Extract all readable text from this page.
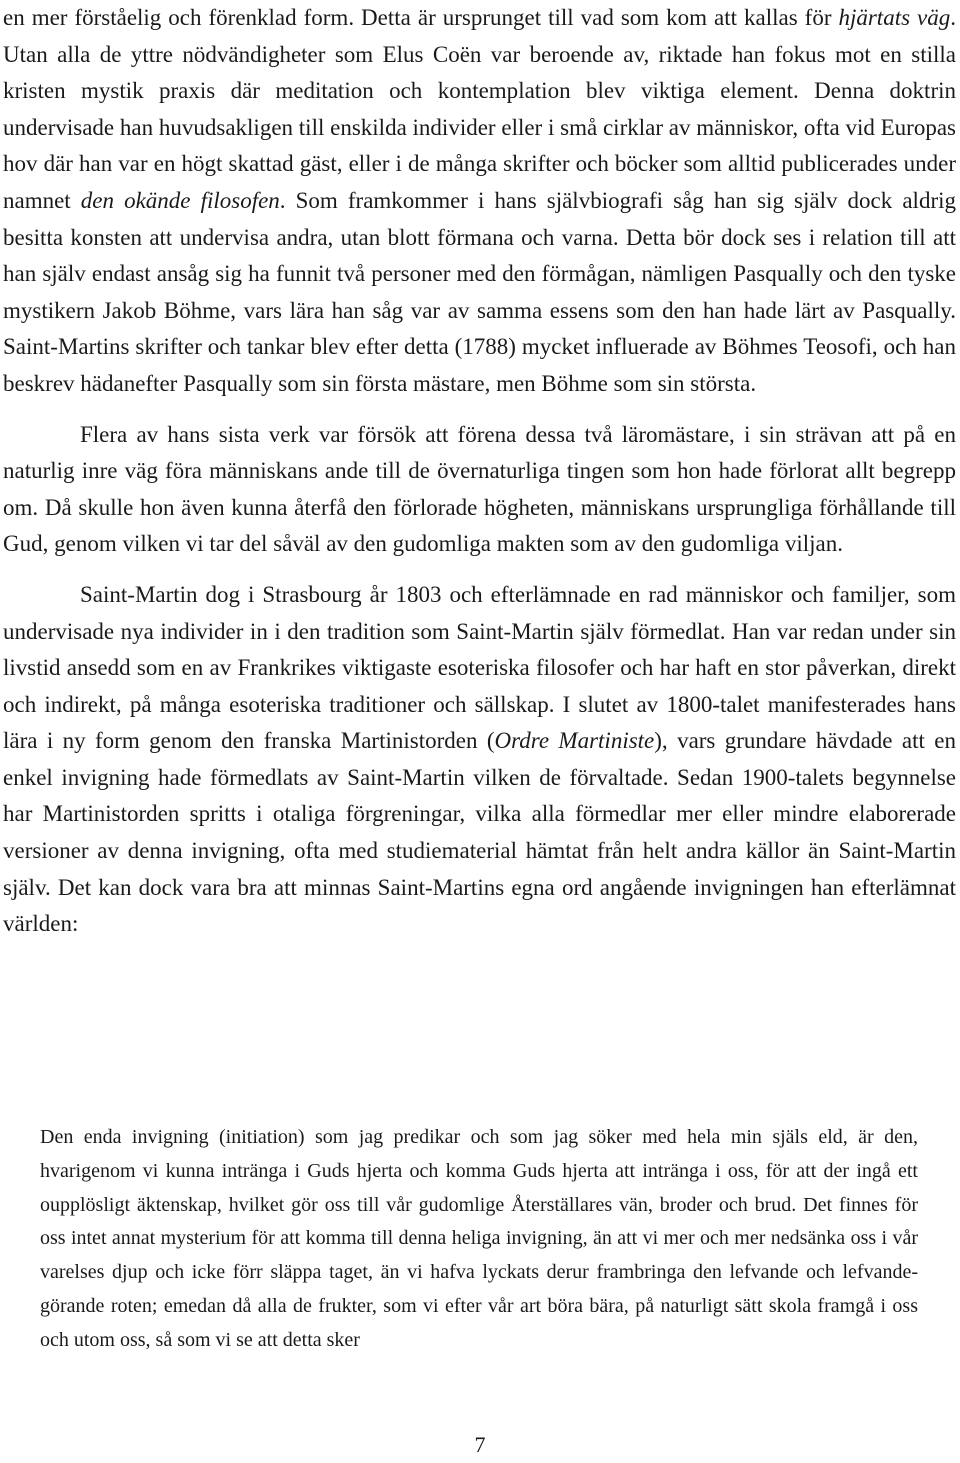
en mer förståelig och förenklad form. Detta är ursprunget till vad som kom att kallas för hjärtats väg. Utan alla de yttre nödvändigheter som Elus Coën var beroende av, riktade han fokus mot en stilla kristen mystik praxis där meditation och kontemplation blev viktiga element. Denna doktrin undervisade han huvudsakligen till enskilda individer eller i små cirklar av människor, ofta vid Europas hov där han var en högt skattad gäst, eller i de många skrifter och böcker som alltid publicerades under namnet den okände filosofen. Som framkommer i hans självbiografi såg han sig själv dock aldrig besitta konsten att undervisa andra, utan blott förmana och varna. Detta bör dock ses i relation till att han själv endast ansåg sig ha funnit två personer med den förmågan, nämligen Pasqually och den tyske mystikern Jakob Böhme, vars lära han såg var av samma essens som den han hade lärt av Pasqually. Saint-Martins skrifter och tankar blev efter detta (1788) mycket influerade av Böhmes Teosofi, och han beskrev hädanefter Pasqually som sin första mästare, men Böhme som sin största.

Flera av hans sista verk var försök att förena dessa två läromästare, i sin strävan att på en naturlig inre väg föra människans ande till de övernaturliga tingen som hon hade förlorat allt begrepp om. Då skulle hon även kunna återfå den förlorade högheten, människans ursprungliga förhållande till Gud, genom vilken vi tar del såväl av den gudomliga makten som av den gudomliga viljan.

Saint-Martin dog i Strasbourg år 1803 och efterlämnade en rad människor och familjer, som undervisade nya individer in i den tradition som Saint-Martin själv förmedlat. Han var redan under sin livstid ansedd som en av Frankrikes viktigaste esoteriska filosofer och har haft en stor påverkan, direkt och indirekt, på många esoteriska traditioner och sällskap. I slutet av 1800-talet manifesterades hans lära i ny form genom den franska Martinistorden (Ordre Martiniste), vars grundare hävdade att en enkel invigning hade förmedlats av Saint-Martin vilken de förvaltade. Sedan 1900-talets begynnelse har Martinistorden spritts i otaliga förgreningar, vilka alla förmedlar mer eller mindre elaborerade versioner av denna invigning, ofta med studiematerial hämtat från helt andra källor än Saint-Martin själv. Det kan dock vara bra att minnas Saint-Martins egna ord angående invigningen han efterlämnat världen:

Den enda invigning (initiation) som jag predikar och som jag söker med hela min själs eld, är den, hvarigenom vi kunna intränga i Guds hjerta och komma Guds hjerta att intränga i oss, för att der ingå ett oupplösligt äktenskap, hvilket gör oss till vår gudomlige Återställares vän, broder och brud. Det finnes för oss intet annat mysterium för att komma till denna heliga invigning, än att vi mer och mer nedsänka oss i vår varelses djup och icke förr släppa taget, än vi hafva lyckats derur frambringa den lefvande och lefvande-görande roten; emedan då alla de frukter, som vi efter vår art böra bära, på naturligt sätt skola framgå i oss och utom oss, så som vi se att detta sker

7
